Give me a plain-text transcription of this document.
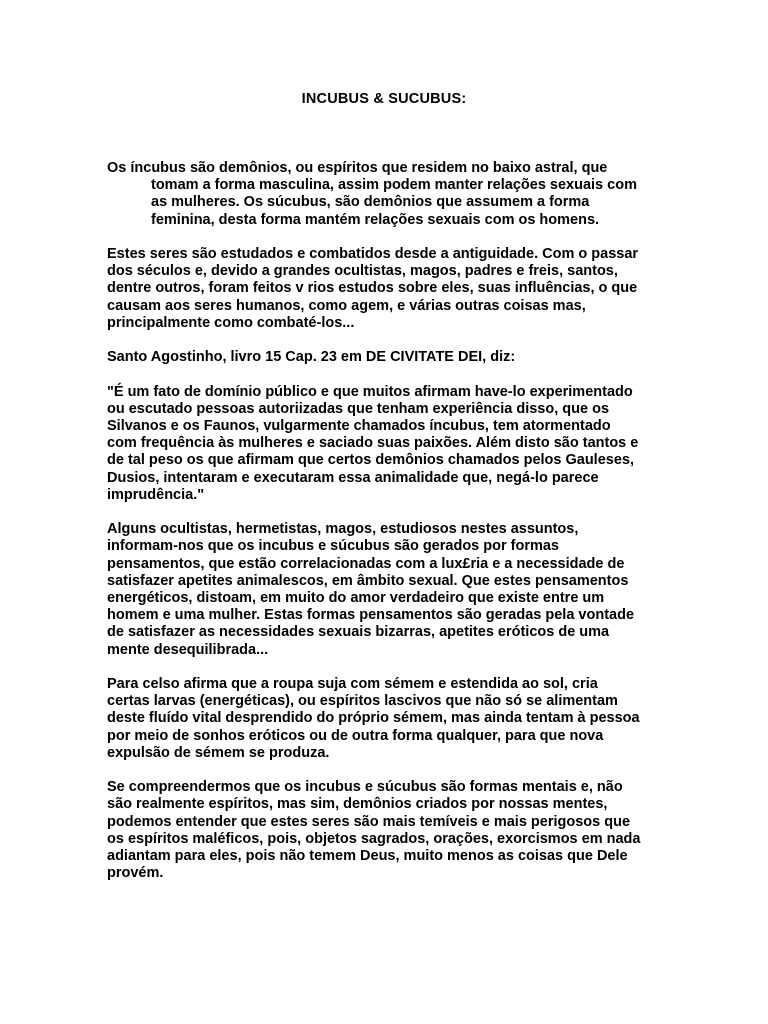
INCUBUS & SUCUBUS:

Os íncubus são demônios, ou espíritos que residem no baixo astral, que
tomam a forma masculina, assim podem manter relações sexuais com
as mulheres. Os súcubus, são demônios que assumem a forma
feminina, desta forma mantém relações sexuais com os homens.

Estes seres são estudados e combatidos desde a antiguidade. Com o passar
dos séculos e, devido a grandes ocultistas, magos, padres e freis, santos,
dentre outros, foram feitos v rios estudos sobre eles, suas influências, o que
causam aos seres humanos, como agem, e várias outras coisas mas,
principalmente como combaté-los...

Santo Agostinho, livro 15 Cap. 23 em DE CIVITATE DEI, diz:

"É um fato de domínio público e que muitos afirmam have-lo experimentado
ou escutado pessoas autoriizadas que tenham experiência disso, que os
Silvanos e os Faunos, vulgarmente chamados íncubus, tem atormentado
com frequência às mulheres e saciado suas paixões. Além disto são tantos e
de tal peso os que afirmam que certos demônios chamados pelos Gauleses,
Dusios, intentaram e executaram essa animalidade que, negá-lo parece
imprudência."

Alguns ocultistas, hermetistas, magos, estudiosos nestes assuntos,
informam-nos que os incubus e súcubus são gerados por formas
pensamentos, que estão correlacionadas com a lux£ria e a necessidade de
satisfazer apetites animalescos, em âmbito sexual. Que estes pensamentos
energéticos, distoam, em muito do amor verdadeiro que existe entre um
homem e uma mulher. Estas formas pensamentos são geradas pela vontade
de satisfazer as necessidades sexuais bizarras, apetites eróticos de uma
mente desequilibrada...

Para celso afirma que a roupa suja com sémem e estendida ao sol, cria
certas larvas (energéticas), ou espíritos lascivos que não só se alimentam
deste fluído vital desprendido do próprio sémem, mas ainda tentam à pessoa
por meio de sonhos eróticos ou de outra forma qualquer, para que nova
expulsão de sémem se produza.

Se compreendermos que os incubus e súcubus são formas mentais e, não
são realmente espíritos, mas sim, demônios criados por nossas mentes,
podemos entender que estes seres são mais temíveis e mais perigosos que
os espíritos maléficos, pois, objetos sagrados, orações, exorcismos em nada
adiantam para eles, pois não temem Deus, muito menos as coisas que Dele
provém.
